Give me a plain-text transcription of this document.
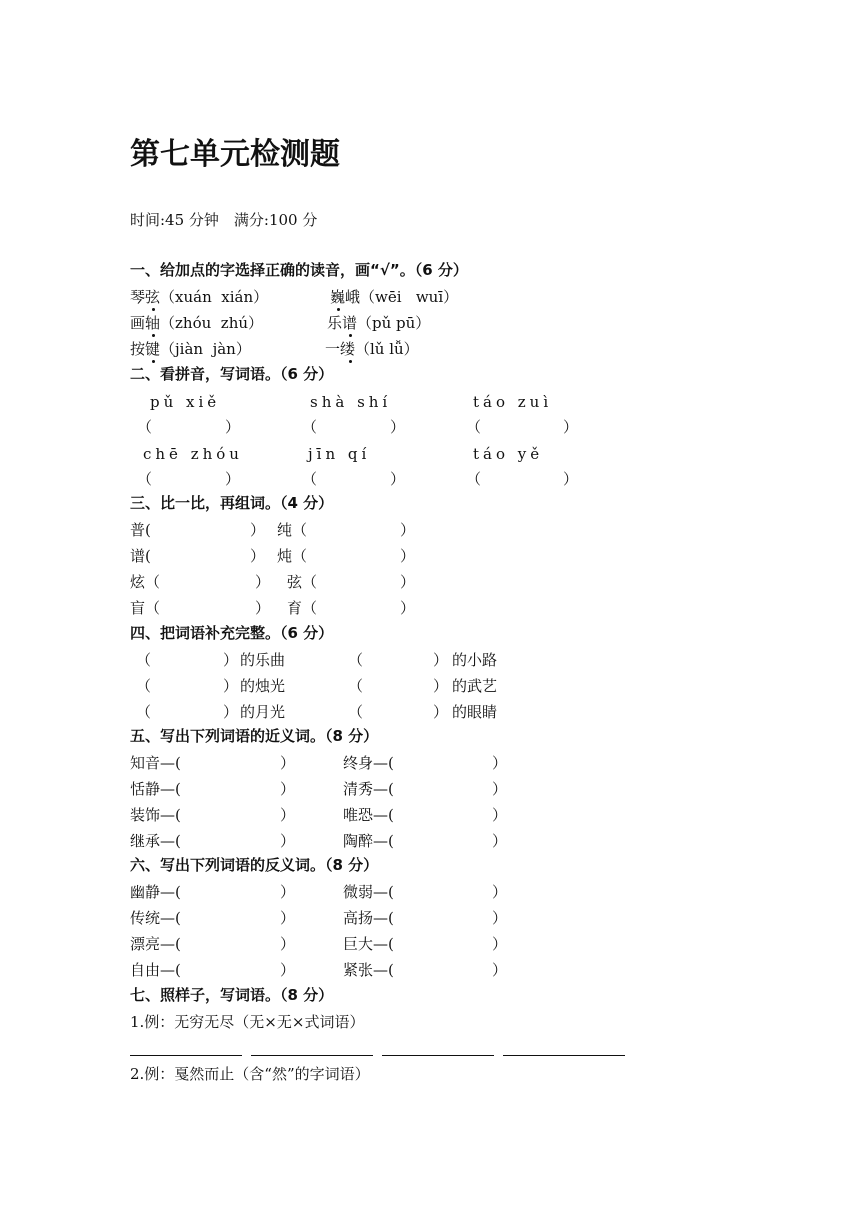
第七单元检测题
时间:45 分钟　满分:100 分
一、给加点的字选择正确的读音，画“√”。（6 分）
琴弦（xuán  xián）	巍峨（wēi   wuī）
画轴（zhóu  zhú）	乐谱（pǔ pū）
按键（jiàn  jàn）	一缕（lǔ lǚ）
二、看拼音，写词语。（6 分）
pǔ xiě	shà shí	táo zuì
（	）	（	）	（	）
chē zhóu	jīn qí	táo yě
（	）	（	）	（	）
三、比一比，再组词。（4 分）
普(	） 纯（	）
谱(	） 炖（	）
炫（	） 弦（	）
盲（	） 育（	）
四、把词语补充完整。（6 分）
（	） 的乐曲	（	） 的小路
（	） 的烛光	（	） 的武艺
（	） 的月光	（	） 的眼睛
五、写出下列词语的近义词。（8 分）
知音—(	）	终身—(	）
恬静—(	）	清秀—(	）
装饰—(	）	唯恐—(	）
继承—(	）	陶醉—(	）
六、写出下列词语的反义词。（8 分）
幽静—(	）	微弱—(	）
传统—(	）	高扬—(	）
漂亮—(	）	巨大—(	）
自由—(	）	紧张—(	）
七、照样子，写词语。（8 分）
1.例：无穷无尽（无×无×式词语）
2.例：戛然而止（含“然”的字词语）
